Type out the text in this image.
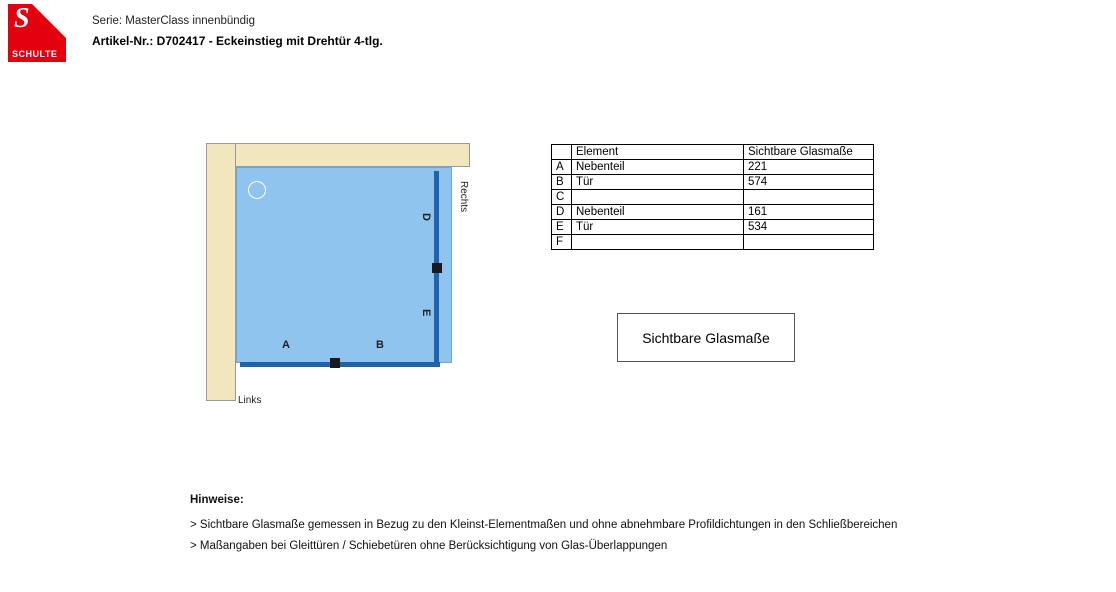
S
SCHULTE
Serie: MasterClass innenbündig
Artikel-Nr.: D702417 - Eckeinstieg mit Drehtür 4-tlg.
A	B
D
E
Rechts
Links
	Element	Sichtbare Glasmaße
A	Nebenteil	221
B	Tür	574
C		
D	Nebenteil	161
E	Tür	534
F		
Sichtbare Glasmaße
Hinweise:
> Sichtbare Glasmaße gemessen in Bezug zu den Kleinst-Elementmaßen und ohne abnehmbare Profildichtungen in den Schließbereichen
> Maßangaben bei Gleittüren / Schiebetüren ohne Berücksichtigung von Glas-Überlappungen
